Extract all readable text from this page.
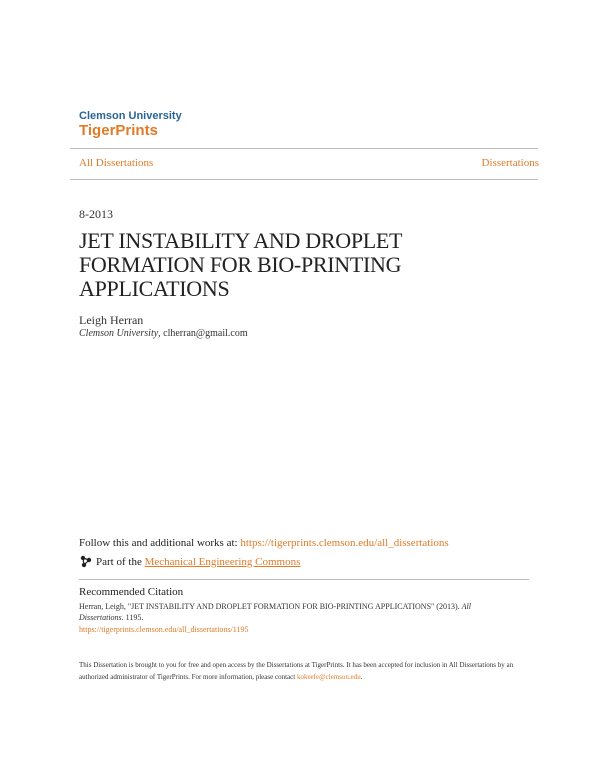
Clemson University
TigerPrints
All Dissertations	Dissertations
8-2013
JET INSTABILITY AND DROPLET FORMATION FOR BIO-PRINTING APPLICATIONS
Leigh Herran
Clemson University, clherran@gmail.com
Follow this and additional works at: https://tigerprints.clemson.edu/all_dissertations
Part of the
Mechanical Engineering Commons
Recommended Citation
Herran, Leigh, "JET INSTABILITY AND DROPLET FORMATION FOR BIO-PRINTING APPLICATIONS" (2013). All Dissertations. 1195.
https://tigerprints.clemson.edu/all_dissertations/1195
This Dissertation is brought to you for free and open access by the Dissertations at TigerPrints. It has been accepted for inclusion in All Dissertations by an authorized administrator of TigerPrints. For more information, please contact kokeefe@clemson.edu.
